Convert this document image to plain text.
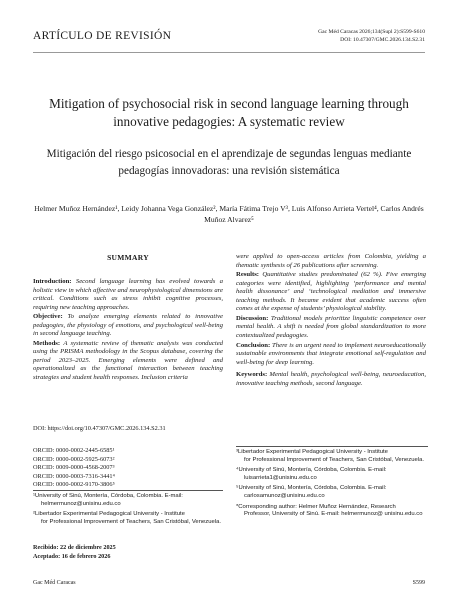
ARTÍCULO DE REVISIÓN	Gac Méd Caracas 2026;134(Supl 2):S599-S610
DOI: 10.47307/GMC.2026.134.S2.31
Mitigation of psychosocial risk in second language learning through innovative pedagogies: A systematic review
Mitigación del riesgo psicosocial en el aprendizaje de segundas lenguas mediante pedagogías innovadoras: una revisión sistemática
Helmer Muñoz Hernández¹, Leidy Johanna Vega González², María Fátima Trejo V³, Luis Alfonso Arrieta Vertel⁴, Carlos Andrés Muñoz Alvarez⁵
SUMMARY

Introduction: Second language learning has evolved towards a holistic view in which affective and neurophysiological dimensions are critical. Conditions such as stress inhibit cognitive processes, requiring new teaching approaches.

Objective: To analyze emerging elements related to innovative pedagogies, the physiology of emotions, and psychological well-being in second language teaching.

Methods: A systematic review of thematic analysis was conducted using the PRISMA methodology in the Scopus database, covering the period 2023–2025. Emerging elements were defined and operationalized as the functional interaction between teaching strategies and student health responses. Inclusion criteria

were applied to open-access articles from Colombia, yielding a thematic synthesis of 26 publications after screening.

Results: Quantitative studies predominated (62 %). Five emerging categories were identified, highlighting ‘performance and mental health dissonance’ and ‘technological mediation and immersive teaching methods. It became evident that academic success often comes at the expense of students’ physiological stability.

Discussion: Traditional models prioritize linguistic competence over mental health. A shift is needed from global standardization to more contextualized pedagogies.

Conclusion: There is an urgent need to implement neuroeducationally sustainable environments that integrate emotional self-regulation and well-being for deep learning.

Keywords: Mental health, psychological well-being, neuroeducation, innovative teaching methods, second language.

DOI: https://doi.org/10.47307/GMC.2026.134.S2.31
ORCID: 0000-0002-2445-6585¹
ORCID: 0000-0002-5925-6073²
ORCID: 0009-0000-4568-2007³
ORCID: 0000-0003-7316-3441⁴
ORCID: 0000-0002-9170-3806⁵
¹University of Sinú, Montería, Córdoba, Colombia. E-mail:
helmermunoz@unisinu.edu.co
²Libertador Experimental Pedagogical University - Institute
for Professional Improvement of Teachers, San Cristóbal, Venezuela.
³Libertador Experimental Pedagogical University - Institute
for Professional Improvement of Teachers, San Cristóbal, Venezuela.
⁴University of Sinú, Montería, Córdoba, Colombia. E-mail:
luisarrieta1@unisinu.edu.co
⁵University of Sinú, Montería, Córdoba, Colombia. E-mail:
carlosamunoz@unisinu.edu.co
*Corresponding author: Helmer Muñoz Hernández, Research
Professor, University of Sinú. E-mail: helmermunoz@ unisinu.edu.co
Recibido: 22 de diciembre 2025
Aceptado: 16 de febrero 2026
Gac Méd Caracas	S599
